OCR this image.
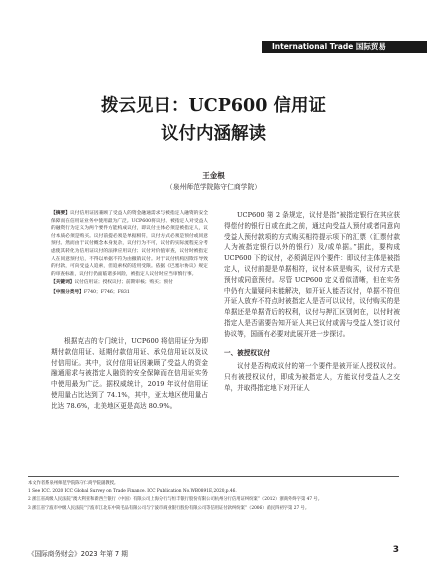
International Trade 国际贸易
拨云见日：UCP600 信用证
议付内涵解读
王金根
（泉州师范学院陈守仁商学院）

【摘要】议付信用证因兼顾了受益人的资金融通需求与被指定人融资的安全保障而在信用证业务中使用最为广泛。UCP600将议付、被指定人对受益人的融资行为定义为两个要件方能构成议付，即议付主体必须是被指定人，议付本质必须是购买。议付前提必须是单据相符，议付方式必须是预付或同意预付。然而由于议付概念本身复杂，议付行为不可，议付的实际流程充分考虑使其转化为信用证议付的法律应用议付；议付对价值审查，议付时被指定人在同意预付后，不得以单据不符为由撤销议付。对于议付机构因欺诈导致的付款，可向受益人追索，但追索权的适用受限。依据《巴塞尔协议》规定的审查标准，议付行仍面临诸多风险，被指定人议付时应当审慎行事。

【关键词】议付信用证；授权议付；前期审核；购买；预付

【中图分类号】F740；F746；F831

根据克吉的专门统计，UCP600 将信用证分为即期付款信用证、延期付款信用证、承兑信用证以及议付信用证。其中，议付信用证因兼顾了受益人的资金融通需求与被指定人融资的安全保障而在信用证实务中使用最为广泛。据权威统计，2019 年议付信用证使用量占比达到了 74.1%，其中，亚太地区使用量占比达 78.6%，北美地区更是高达 80.9%。

UCP600 第 2 条规定，议付是指“被指定银行在其应获得偿付的银行日或在此之前，通过向受益人预付或者同意向受益人预付款项的方式购买相符提示项下的汇票（汇票付款人为被指定银行以外的银行）及/或单据。”据此，要构成 UCP600 下的议付，必须满足四个要件：即议付主体是被指定人，议付前提是单据相符，议付本质是购买，议付方式是预付或同意预付。尽管 UCP600 定义看似清晰，但在实务中仍有大量疑问未能解决，如开证人能否议付，单据不符但开证人放弃不符点时被指定人是否可以议付，议付购买的是单据还是单据背后的权利，议付与押汇区别何在，以付时被指定人是否需要告知开证人其已议付或需与受益人签订议付协议等，国画有必要对此展开进一步探讨。

一、被授权议付

议付是否构成议付的第一个要件是被开证人授权议付。只有被授权议付，即成为被指定人，方能议付受益人之交单，并取得指定地下对开证人

本文作者系泉州师范学院陈守仁商学院副教授。
1 See ICC. 2020 ICC Global Survey on Trade Finance. ICC Publication No.WB0891E,2020,p.46.
2 浙江省高级人民法院“澳大利亚和新西兰银行（中国）有限公司上海分行与恒丰银行股份有限公司杭州分行信用证纠纷案”（2012）浙商外终字第 47 号。
3 浙江省宁波市中级人民法院“宁波市江北东中简毛品有限公司与宁波市商业银行股份有限公司等信用证付款纠纷案”（2006）甬民四初字第 27 号。
《国际商务财会》2023 年第 7 期	3
